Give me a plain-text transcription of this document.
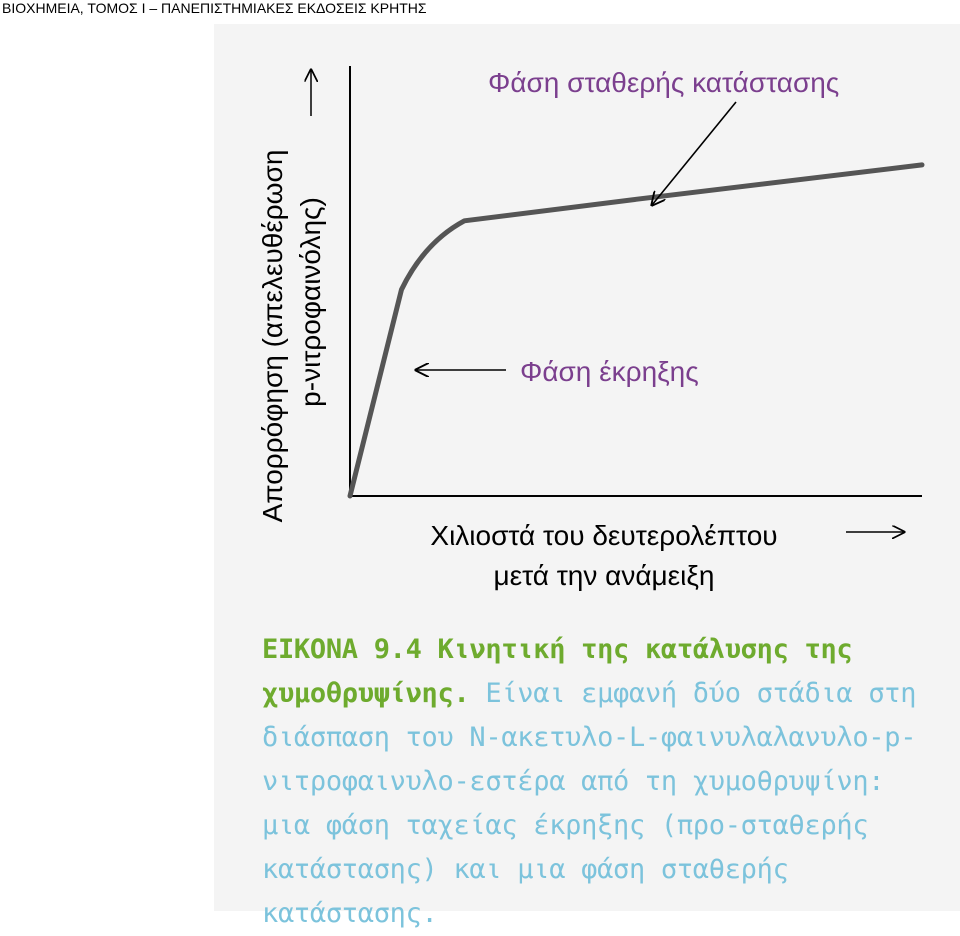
ΒΙΟΧΗΜΕΙΑ, ΤΟΜΟΣ Ι – ΠΑΝΕΠΙΣΤΗΜΙΑΚΕΣ ΕΚΔΟΣΕΙΣ ΚΡΗΤΗΣ
Απορρόφηση (απελευθέρωση p-νιτροφαινόλης)
Χιλιοστά του δευτερολέπτου
μετά την ανάμειξη
Φάση σταθερής κατάστασης
Φάση έκρηξης
ΕΙΚΟΝΑ 9.4 Κινητική της κατάλυσης της χυμοθρυψίνης. Είναι εμφανή δύο στάδια στη διάσπαση του N-ακετυλο-L-φαινυλαλανυλο-p-νιτροφαινυλο-εστέρα από τη χυμοθρυψίνη: μια φάση ταχείας έκρηξης (προ-σταθερής κατάστασης) και μια φάση σταθερής κατάστασης.
